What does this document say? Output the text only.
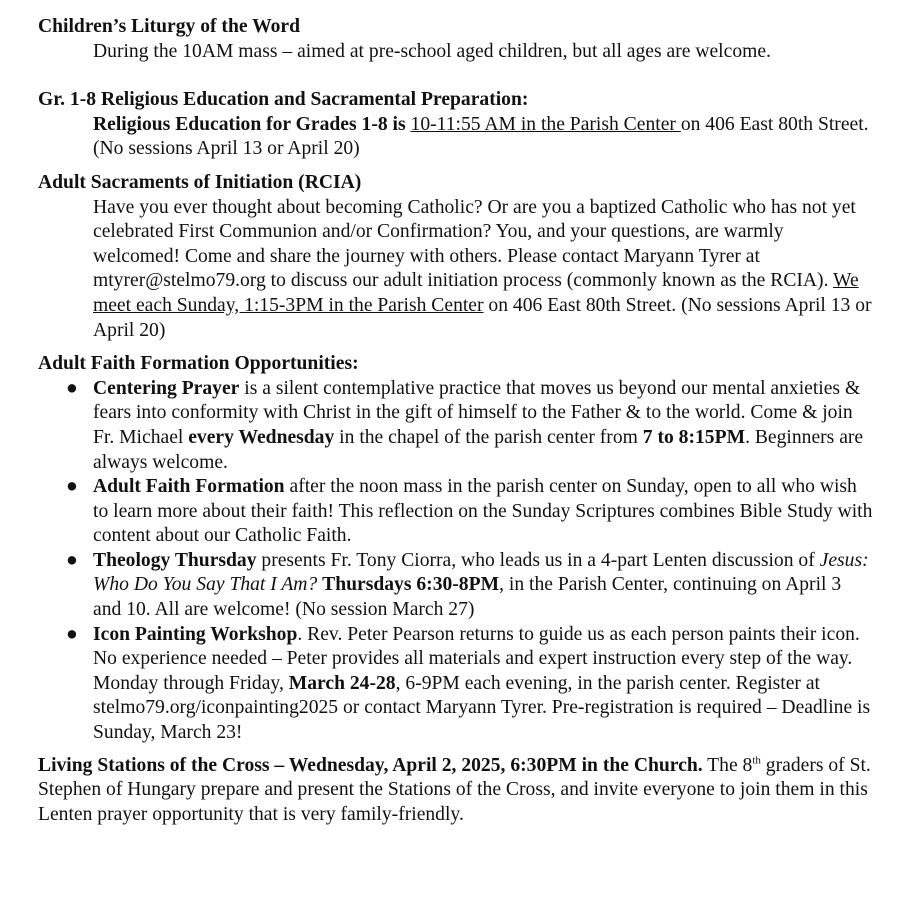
Children’s Liturgy of the Word
During the 10AM mass – aimed at pre-school aged children, but all ages are welcome.
Gr. 1-8 Religious Education and Sacramental Preparation:
Religious Education for Grades 1-8 is 10-11:55 AM in the Parish Center on 406 East 80th Street. (No sessions April 13 or April 20)
Adult Sacraments of Initiation (RCIA)
Have you ever thought about becoming Catholic? Or are you a baptized Catholic who has not yet celebrated First Communion and/or Confirmation? You, and your questions, are warmly welcomed! Come and share the journey with others. Please contact Maryann Tyrer at mtyrer@stelmo79.org to discuss our adult initiation process (commonly known as the RCIA). We meet each Sunday, 1:15-3PM in the Parish Center on 406 East 80th Street. (No sessions April 13 or April 20)
Adult Faith Formation Opportunities:
● Centering Prayer is a silent contemplative practice that moves us beyond our mental anxieties & fears into conformity with Christ in the gift of himself to the Father & to the world. Come & join Fr. Michael every Wednesday in the chapel of the parish center from 7 to 8:15PM. Beginners are always welcome.
● Adult Faith Formation after the noon mass in the parish center on Sunday, open to all who wish to learn more about their faith! This reflection on the Sunday Scriptures combines Bible Study with content about our Catholic Faith.
● Theology Thursday presents Fr. Tony Ciorra, who leads us in a 4-part Lenten discussion of Jesus: Who Do You Say That I Am? Thursdays 6:30-8PM, in the Parish Center, continuing on April 3 and 10. All are welcome! (No session March 27)
● Icon Painting Workshop. Rev. Peter Pearson returns to guide us as each person paints their icon. No experience needed – Peter provides all materials and expert instruction every step of the way. Monday through Friday, March 24-28, 6-9PM each evening, in the parish center. Register at stelmo79.org/iconpainting2025 or contact Maryann Tyrer. Pre-registration is required – Deadline is Sunday, March 23!
Living Stations of the Cross – Wednesday, April 2, 2025, 6:30PM in the Church. The 8th graders of St. Stephen of Hungary prepare and present the Stations of the Cross, and invite everyone to join them in this Lenten prayer opportunity that is very family-friendly.
